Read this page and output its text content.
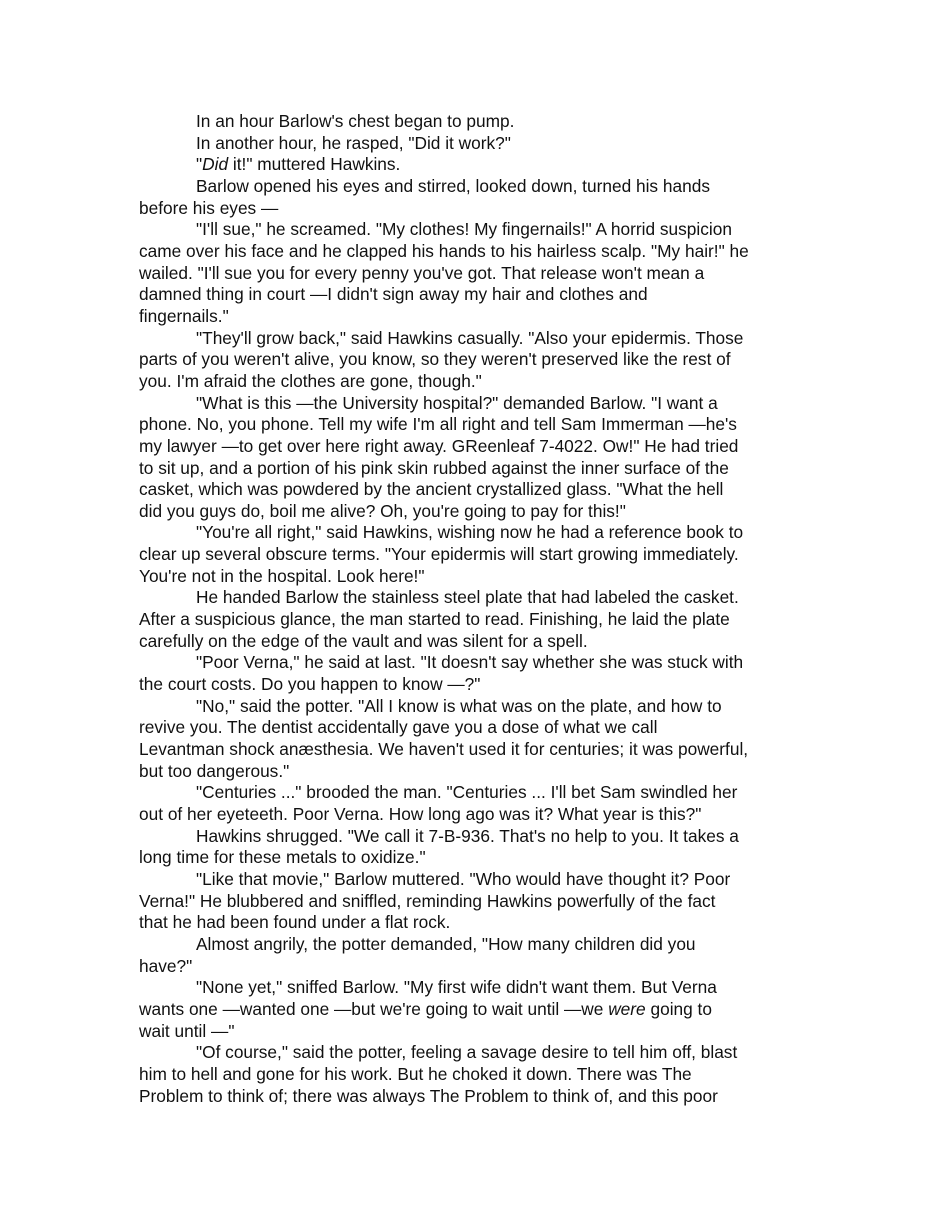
In an hour Barlow's chest began to pump.
In another hour, he rasped, "Did it work?"
"Did it!" muttered Hawkins.
Barlow opened his eyes and stirred, looked down, turned his hands
before his eyes —
"I'll sue," he screamed. "My clothes! My fingernails!" A horrid suspicion
came over his face and he clapped his hands to his hairless scalp. "My hair!" he
wailed. "I'll sue you for every penny you've got. That release won't mean a
damned thing in court —I didn't sign away my hair and clothes and
fingernails."
"They'll grow back," said Hawkins casually. "Also your epidermis. Those
parts of you weren't alive, you know, so they weren't preserved like the rest of
you. I'm afraid the clothes are gone, though."
"What is this —the University hospital?" demanded Barlow. "I want a
phone. No, you phone. Tell my wife I'm all right and tell Sam Immerman —he's
my lawyer —to get over here right away. GReenleaf 7-4022. Ow!" He had tried
to sit up, and a portion of his pink skin rubbed against the inner surface of the
casket, which was powdered by the ancient crystallized glass. "What the hell
did you guys do, boil me alive? Oh, you're going to pay for this!"
"You're all right," said Hawkins, wishing now he had a reference book to
clear up several obscure terms. "Your epidermis will start growing immediately.
You're not in the hospital. Look here!"
He handed Barlow the stainless steel plate that had labeled the casket.
After a suspicious glance, the man started to read. Finishing, he laid the plate
carefully on the edge of the vault and was silent for a spell.
"Poor Verna," he said at last. "It doesn't say whether she was stuck with
the court costs. Do you happen to know —?"
"No," said the potter. "All I know is what was on the plate, and how to
revive you. The dentist accidentally gave you a dose of what we call
Levantman shock anæsthesia. We haven't used it for centuries; it was powerful,
but too dangerous."
"Centuries ..." brooded the man. "Centuries ... I'll bet Sam swindled her
out of her eyeteeth. Poor Verna. How long ago was it? What year is this?"
Hawkins shrugged. "We call it 7-B-936. That's no help to you. It takes a
long time for these metals to oxidize."
"Like that movie," Barlow muttered. "Who would have thought it? Poor
Verna!" He blubbered and sniffled, reminding Hawkins powerfully of the fact
that he had been found under a flat rock.
Almost angrily, the potter demanded, "How many children did you
have?"
"None yet," sniffed Barlow. "My first wife didn't want them. But Verna
wants one —wanted one —but we're going to wait until —we were going to
wait until —"
"Of course," said the potter, feeling a savage desire to tell him off, blast
him to hell and gone for his work. But he choked it down. There was The
Problem to think of; there was always The Problem to think of, and this poor
